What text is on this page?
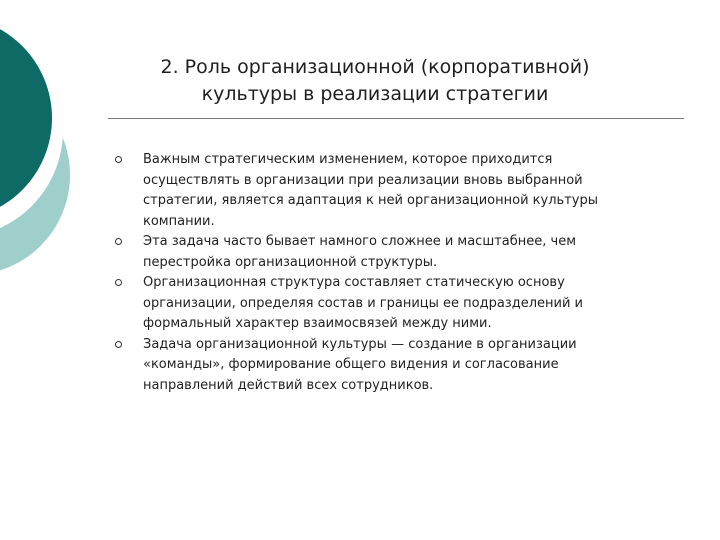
2. Роль организационной (корпоративной)
культуры в реализации стратегии
Важным стратегическим изменением, которое приходится
осуществлять в организации при реализации вновь выбранной
стратегии, является адаптация к ней организационной культуры
компании.
Эта задача часто бывает намного сложнее и масштабнее, чем
перестройка организационной структуры.
Организационная структура составляет статическую основу
организации, определяя состав и границы ее подразделений и
формальный характер взаимосвязей между ними.
Задача организационной культуры — создание в организации
«команды», формирование общего видения и согласование
направлений действий всех сотрудников.
